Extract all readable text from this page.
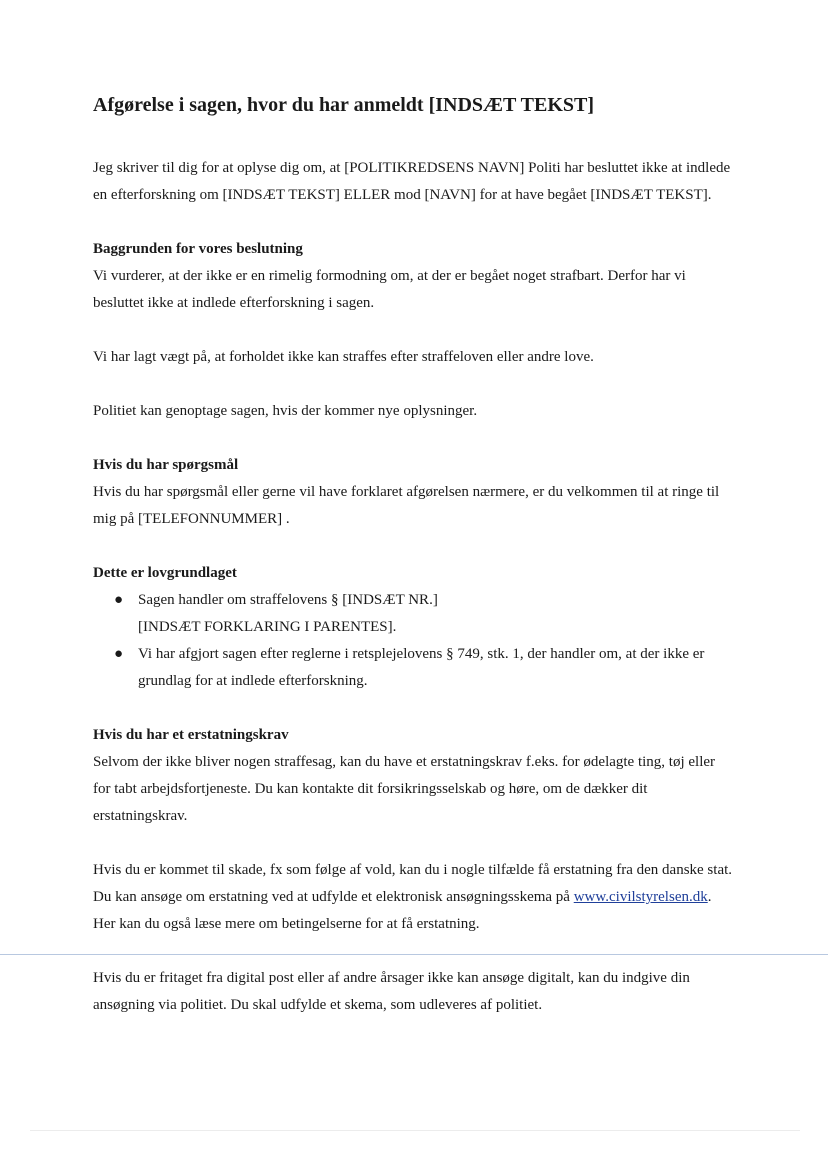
Afgørelse i sagen, hvor du har anmeldt [INDSÆT TEKST]

Jeg skriver til dig for at oplyse dig om, at [POLITIKREDSENS NAVN] Politi har besluttet ikke at indlede en efterforskning om [INDSÆT TEKST] ELLER mod [NAVN] for at have begået [INDSÆT TEKST].

Baggrunden for vores beslutning

Vi vurderer, at der ikke er en rimelig formodning om, at der er begået noget strafbart. Derfor har vi besluttet ikke at indlede efterforskning i sagen.

Vi har lagt vægt på, at forholdet ikke kan straffes efter straffeloven eller andre love.

Politiet kan genoptage sagen, hvis der kommer nye oplysninger.

Hvis du har spørgsmål

Hvis du har spørgsmål eller gerne vil have forklaret afgørelsen nærmere, er du velkommen til at ringe til mig på [TELEFONNUMMER] .

Dette er lovgrundlaget

● Sagen handler om straffelovens § [INDSÆT NR.]
[INDSÆT FORKLARING I PARENTES].
● Vi har afgjort sagen efter reglerne i retsplejelovens § 749, stk. 1, der handler om, at der ikke er grundlag for at indlede efterforskning.

Hvis du har et erstatningskrav

Selvom der ikke bliver nogen straffesag, kan du have et erstatningskrav f.eks. for ødelagte ting, tøj eller for tabt arbejdsfortjeneste. Du kan kontakte dit forsikringsselskab og høre, om de dækker dit erstatningskrav.

Hvis du er kommet til skade, fx som følge af vold, kan du i nogle tilfælde få erstatning fra den danske stat. Du kan ansøge om erstatning ved at udfylde et elektronisk ansøgningsskema på www.civilstyrelsen.dk. Her kan du også læse mere om betingelserne for at få erstatning.

Hvis du er fritaget fra digital post eller af andre årsager ikke kan ansøge digitalt, kan du indgive din ansøgning via politiet. Du skal udfylde et skema, som udleveres af politiet.
